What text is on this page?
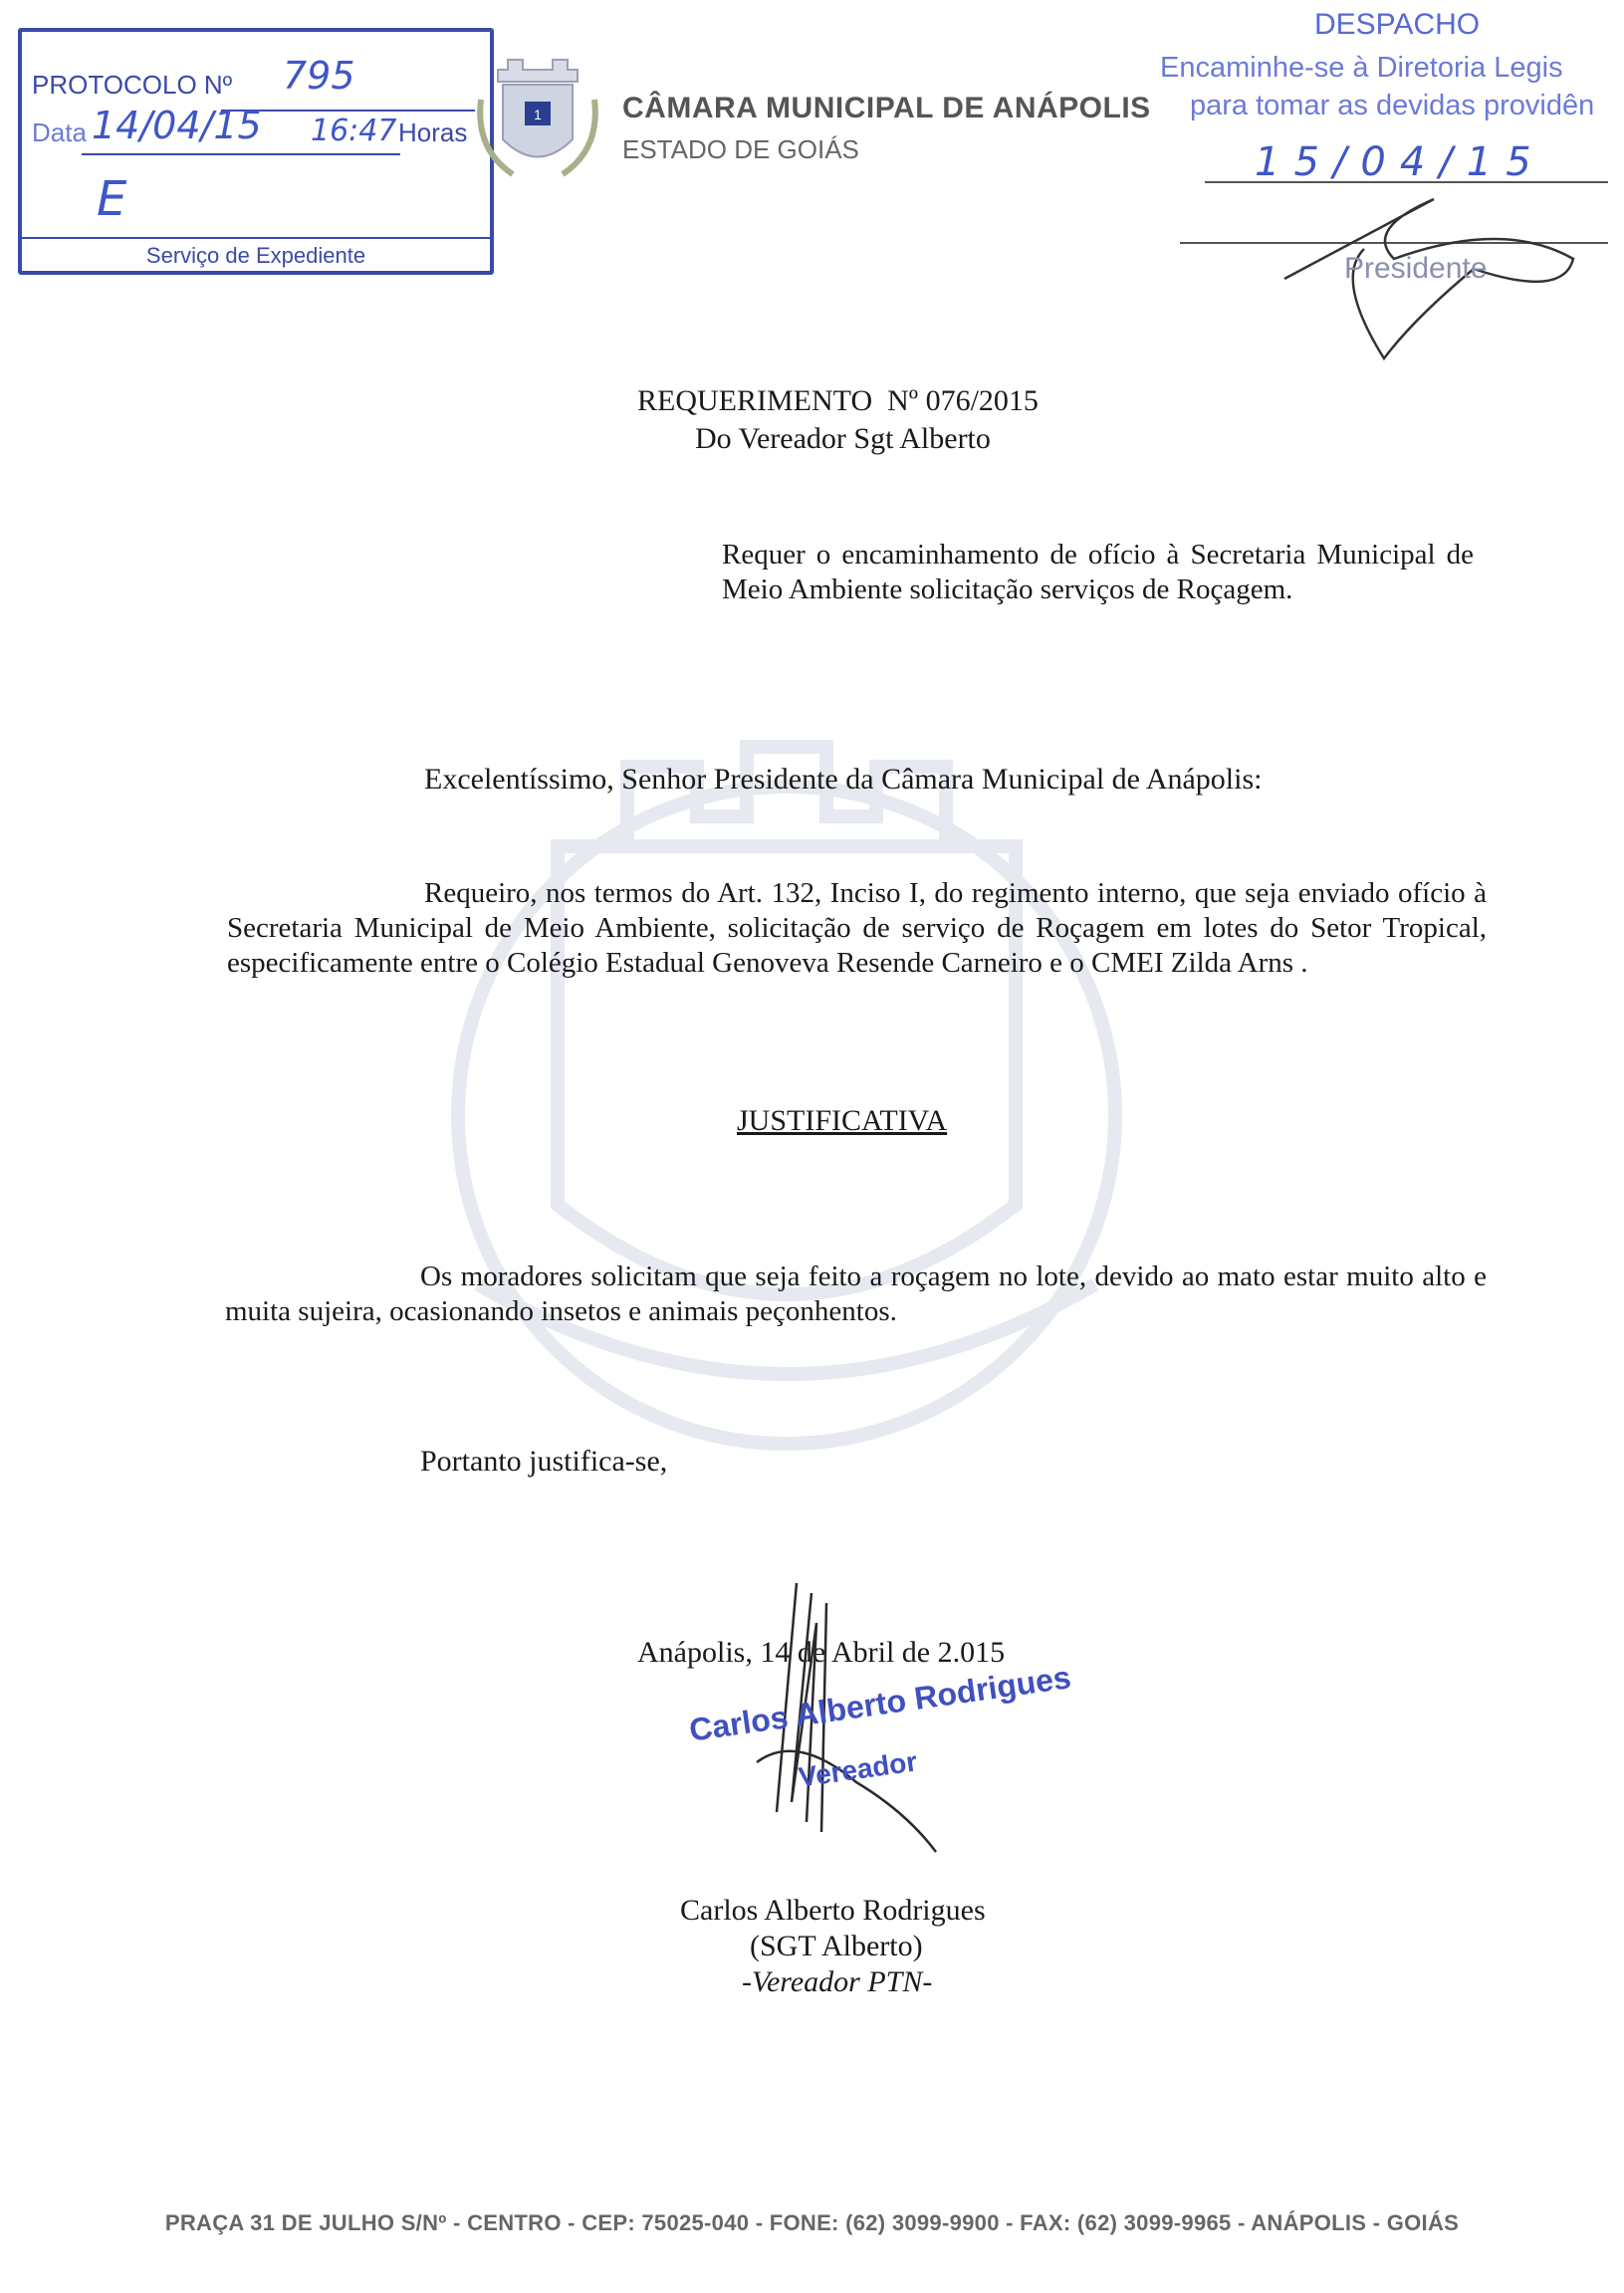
PROTOCOLO Nº 795
Data 14/04/15 16:47 Horas
E
Serviço de Expediente
1	CÂMARA MUNICIPAL DE ANÁPOLIS
ESTADO DE GOIÁS
DESPACHO
Encaminhe-se à Diretoria Legis
para tomar as devidas providên
15/04/15
Presidente
REQUERIMENTO  Nº 076/2015
Do Vereador Sgt Alberto
Requer o encaminhamento de ofício à Secretaria Municipal de Meio Ambiente solicitação serviços de Roçagem.
Excelentíssimo, Senhor Presidente da Câmara Municipal de Anápolis:
Requeiro, nos termos do Art. 132, Inciso I, do regimento interno, que seja enviado ofício à Secretaria Municipal de Meio Ambiente, solicitação de serviço de Roçagem em lotes do Setor Tropical, especificamente entre o Colégio Estadual Genoveva Resende Carneiro e o CMEI Zilda Arns .
JUSTIFICATIVA
Os moradores solicitam que seja feito a roçagem no lote, devido ao mato estar muito alto e muita sujeira, ocasionando insetos e animais peçonhentos.
Portanto justifica-se,
Anápolis, 14 de Abril de 2.015
Carlos Alberto Rodrigues
Vereador
Carlos Alberto Rodrigues
(SGT Alberto)
-Vereador PTN-
PRAÇA 31 DE JULHO S/Nº - CENTRO - CEP: 75025-040 - FONE: (62) 3099-9900 - FAX: (62) 3099-9965 - ANÁPOLIS - GOIÁS
